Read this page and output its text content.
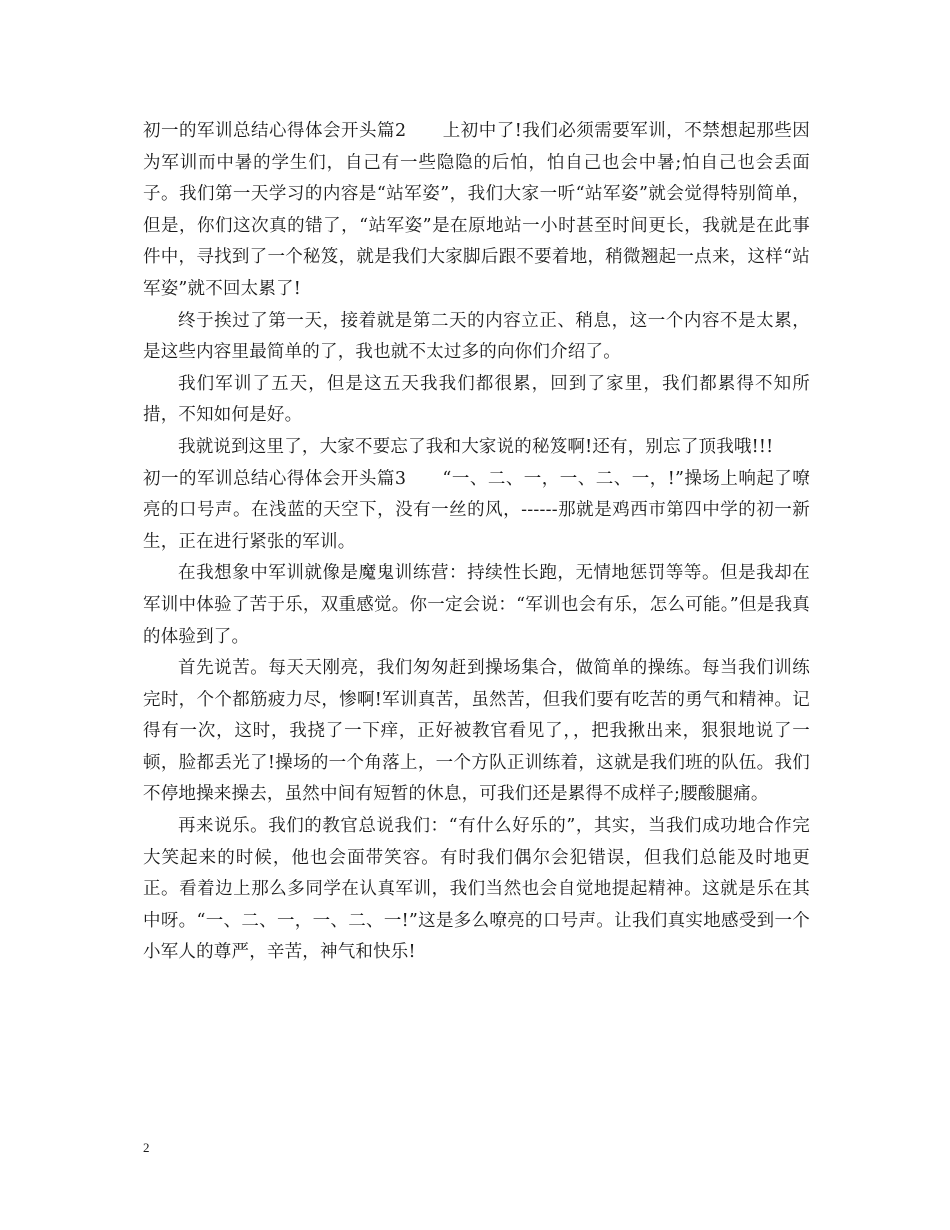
初一的军训总结心得体会开头篇2　　上初中了!我们必须需要军训，不禁想起那些因为军训而中暑的学生们，自己有一些隐隐的后怕，怕自己也会中暑;怕自己也会丢面子。我们第一天学习的内容是“站军姿”，我们大家一听“站军姿”就会觉得特别简单，但是，你们这次真的错了，“站军姿”是在原地站一小时甚至时间更长，我就是在此事件中，寻找到了一个秘笈，就是我们大家脚后跟不要着地，稍微翘起一点来，这样“站军姿”就不回太累了!

终于挨过了第一天，接着就是第二天的内容立正、稍息，这一个内容不是太累，是这些内容里最简单的了，我也就不太过多的向你们介绍了。

我们军训了五天，但是这五天我我们都很累，回到了家里，我们都累得不知所措，不知如何是好。

我就说到这里了，大家不要忘了我和大家说的秘笈啊!还有，别忘了顶我哦!!!

初一的军训总结心得体会开头篇3　　“一、二、一，一、二、一，!”操场上响起了嘹亮的口号声。在浅蓝的天空下，没有一丝的风，------那就是鸡西市第四中学的初一新生，正在进行紧张的军训。

在我想象中军训就像是魔鬼训练营：持续性长跑，无情地惩罚等等。但是我却在军训中体验了苦于乐，双重感觉。你一定会说：“军训也会有乐，怎么可能。”但是我真的体验到了。

首先说苦。每天天刚亮，我们匆匆赶到操场集合，做简单的操练。每当我们训练完时，个个都筋疲力尽，惨啊!军训真苦，虽然苦，但我们要有吃苦的勇气和精神。记得有一次，这时，我挠了一下痒，正好被教官看见了，，把我揪出来，狠狠地说了一顿，脸都丢光了!操场的一个角落上，一个方队正训练着，这就是我们班的队伍。我们不停地操来操去，虽然中间有短暂的休息，可我们还是累得不成样子;腰酸腿痛。

再来说乐。我们的教官总说我们：“有什么好乐的”，其实，当我们成功地合作完大笑起来的时候，他也会面带笑容。有时我们偶尔会犯错误，但我们总能及时地更正。看着边上那么多同学在认真军训，我们当然也会自觉地提起精神。这就是乐在其中呀。“一、二、一，一、二、一!”这是多么嘹亮的口号声。让我们真实地感受到一个小军人的尊严，辛苦，神气和快乐!

2
